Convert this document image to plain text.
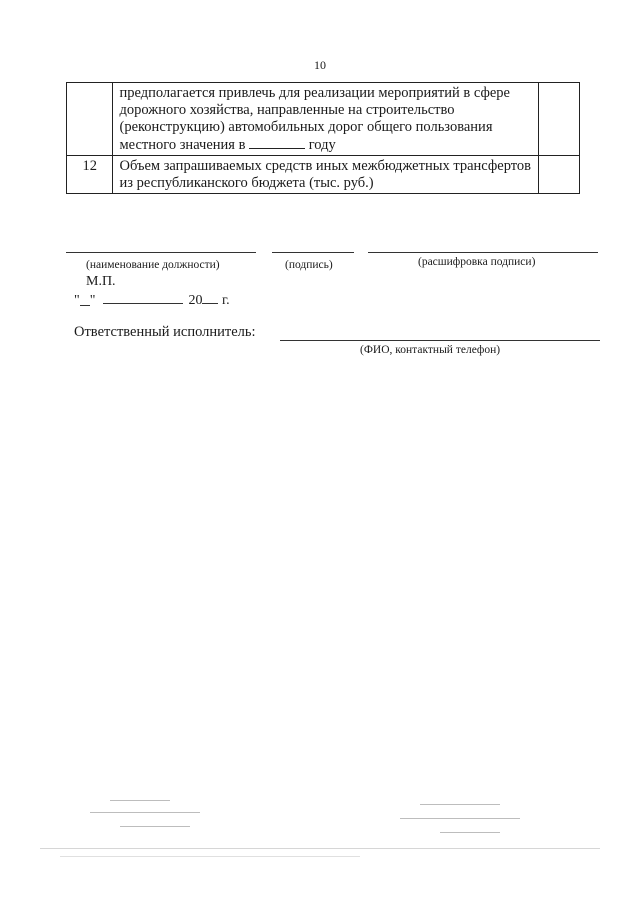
10
	предполагается привлечь для реализации мероприятий в сфере дорожного хозяйства, направленные на строительство (реконструкцию) автомобильных дорог общего пользования местного значения в году	
12	Объем запрашиваемых средств иных межбюджетных трансфертов из республиканского бюджета (тыс. руб.)	
(наименование должности)	(подпись)	(расшифровка подписи)
М.П.
" "	20 г.
Ответственный исполнитель:
(ФИО, контактный телефон)
